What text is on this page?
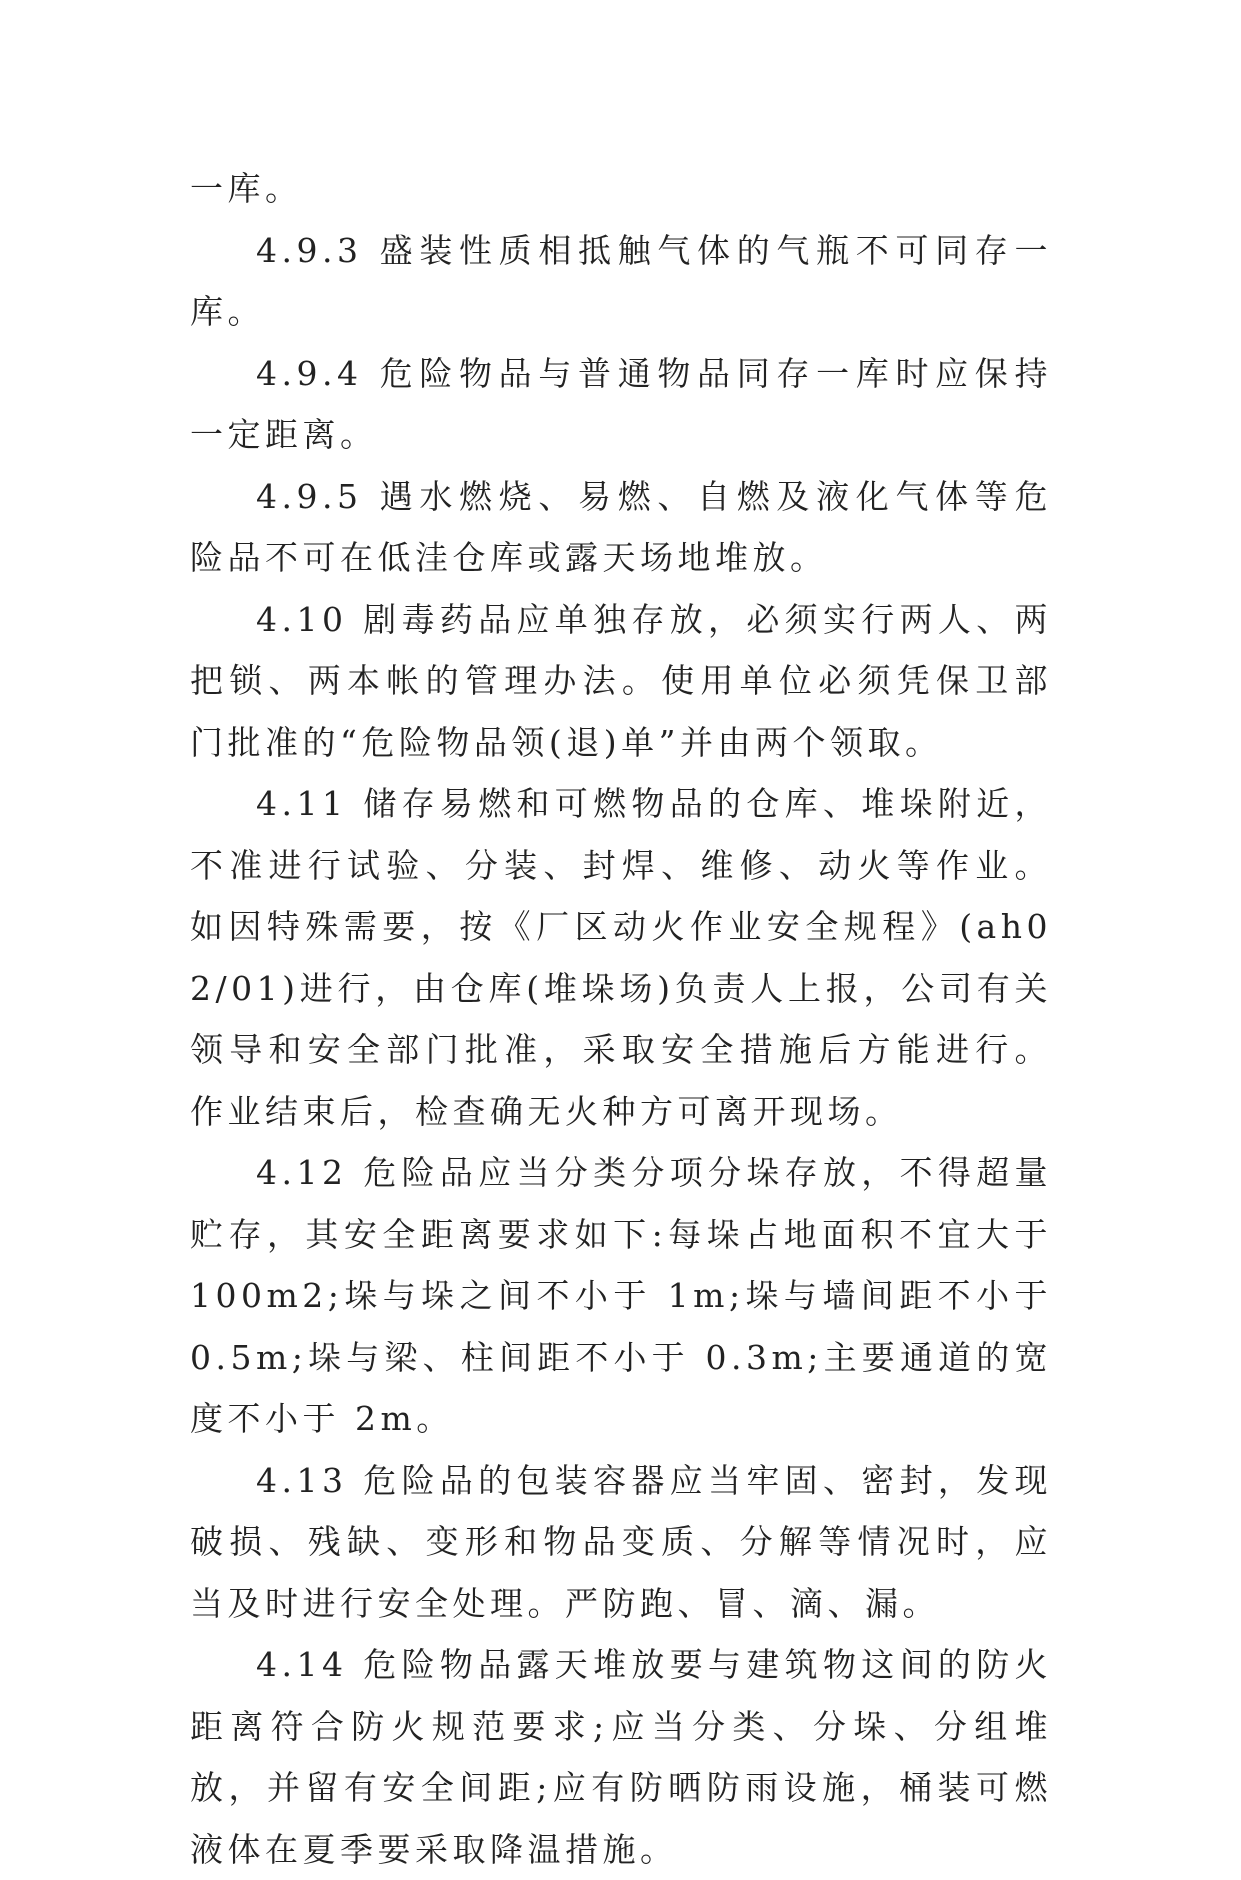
一库。

4.9.3 盛装性质相抵触气体的气瓶不可同存一库。

4.9.4 危险物品与普通物品同存一库时应保持一定距离。

4.9.5 遇水燃烧、易燃、自燃及液化气体等危险品不可在低洼仓库或露天场地堆放。

4.10 剧毒药品应单独存放，必须实行两人、两把锁、两本帐的管理办法。使用单位必须凭保卫部门批准的“危险物品领(退)单”并由两个领取。

4.11 储存易燃和可燃物品的仓库、堆垛附近，不准进行试验、分装、封焊、维修、动火等作业。如因特殊需要，按《厂区动火作业安全规程》(ah02/01)进行，由仓库(堆垛场)负责人上报，公司有关领导和安全部门批准，采取安全措施后方能进行。作业结束后，检查确无火种方可离开现场。

4.12 危险品应当分类分项分垛存放，不得超量贮存，其安全距离要求如下:每垛占地面积不宜大于 100m2;垛与垛之间不小于 1m;垛与墙间距不小于 0.5m;垛与梁、柱间距不小于 0.3m;主要通道的宽度不小于 2m。

4.13 危险品的包装容器应当牢固、密封，发现破损、残缺、变形和物品变质、分解等情况时，应当及时进行安全处理。严防跑、冒、滴、漏。

4.14 危险物品露天堆放要与建筑物这间的防火距离符合防火规范要求;应当分类、分垛、分组堆放，并留有安全间距;应有防晒防雨设施，桶装可燃液体在夏季要采取降温措施。
